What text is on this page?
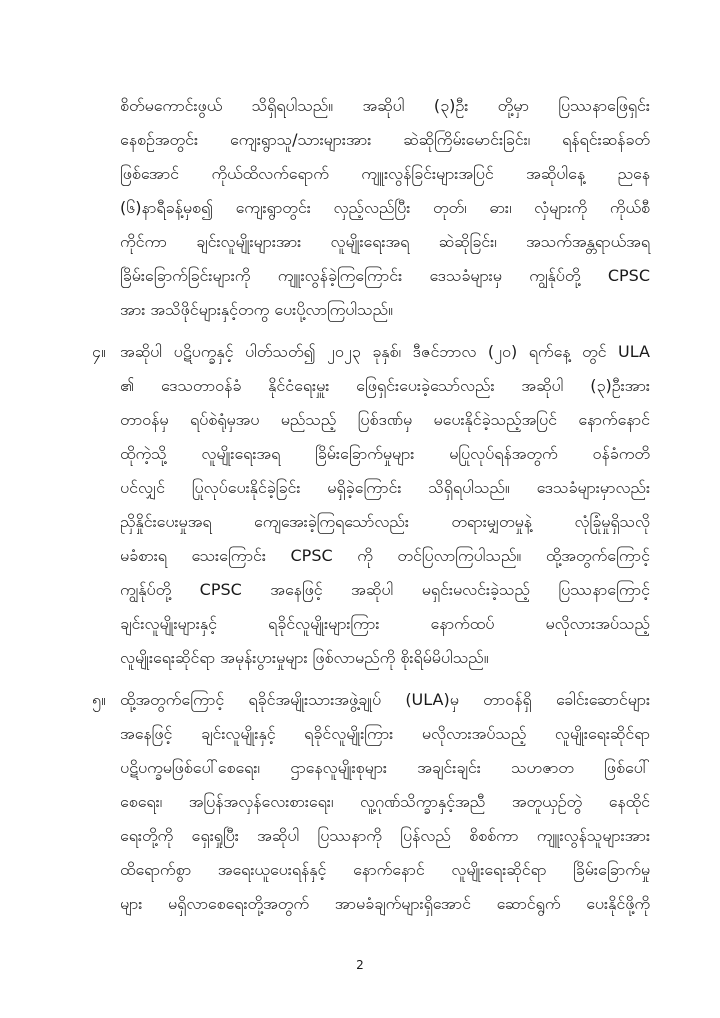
စိတ်မကောင်းဖွယ် သိရှိရပါသည်။ အဆိုပါ (၃)ဦး တို့မှာ ပြဿနာဖြေရှင်း
နေစဉ်အတွင်း ကျေးရွာသူ/သားများအား ဆဲဆိုကြိမ်းမောင်းခြင်း၊ ရန်ရင်းဆန်ခတ်
ဖြစ်အောင် ကိုယ်ထိလက်ရောက် ကျူးလွန်ခြင်းများအပြင် အဆိုပါနေ့ ညနေ
(၆)နာရီခန့်မှစ၍ ကျေးရွာတွင်း လှည့်လည်ပြီး တုတ်၊ ဓား၊ လှံများကို ကိုယ်စီ
ကိုင်ကာ ချင်းလူမျိုးများအား လူမျိုးရေးအရ ဆဲဆိုခြင်း၊ အသက်အန္တရာယ်အရ
ခြိမ်းခြောက်ခြင်းများကို ကျူးလွန်ခဲ့ကြကြောင်း ဒေသခံများမှ ကျွန်ုပ်တို့ CPSC
အား အသိဖိုင်များနှင့်တကွ ပေးပို့လာကြပါသည်။
၄။ အဆိုပါ ပဋိပက္ခနှင့် ပါတ်သတ်၍ ၂၀၂၃ ခုနှစ်၊ ဒီဇင်ဘာလ (၂၀) ရက်နေ့ တွင် ULA
၏ ဒေသတာဝန်ခံ နိုင်ငံရေးမှူး ဖြေရှင်းပေးခဲ့သော်လည်း အဆိုပါ (၃)ဦးအား
တာဝန်မှ ရပ်စဲရုံမှအပ မည်သည့် ပြစ်ဒဏ်မှ မပေးနိုင်ခဲ့သည့်အပြင် နောက်နောင်
ထိုကဲ့သို့ လူမျိုးရေးအရ ခြိမ်းခြောက်မှုများ မပြုလုပ်ရန်အတွက် ဝန်ခံကတိ
ပင်လျှင် ပြုလုပ်ပေးနိုင်ခဲ့ခြင်း မရှိခဲ့ကြောင်း သိရှိရပါသည်။ ဒေသခံများမှာလည်း
ညှိနှိုင်းပေးမှုအရ ကျေအေးခဲ့ကြရသော်လည်း တရားမျှတမှုနဲ့ လုံခြုံမှုရှိသလို
မခံစားရ သေးကြောင်း CPSC ကို တင်ပြလာကြပါသည်။ ထို့အတွက်ကြောင့်
ကျွန်ုပ်တို့ CPSC အနေဖြင့် အဆိုပါ မရှင်းမလင်းခဲ့သည့် ပြဿနာကြောင့်
ချင်းလူမျိုးများနှင့် ရခိုင်လူမျိုးများကြား နောက်ထပ် မလိုလားအပ်သည့်
လူမျိုးရေးဆိုင်ရာ အမုန်းပွားမှုများ ဖြစ်လာမည်ကို စိုးရိမ်မိပါသည်။
၅။ ထို့အတွက်ကြောင့် ရခိုင်အမျိုးသားအဖွဲ့ချုပ် (ULA)မှ တာဝန်ရှိ ခေါင်းဆောင်များ
အနေဖြင့် ချင်းလူမျိုးနှင့် ရခိုင်လူမျိုးကြား မလိုလားအပ်သည့် လူမျိုးရေးဆိုင်ရာ
ပဋိပက္ခမဖြစ်ပေါ်စေရေး၊ ဌာနေလူမျိုးစုများ အချင်းချင်း သဟဇာတ ဖြစ်ပေါ်
စေရေး၊ အပြန်အလှန်လေးစားရေး၊ လူ့ဂုဏ်သိက္ခာနှင့်အညီ အတူယှဉ်တွဲ နေထိုင်
ရေးတို့ကို ရှေးရှုပြီး အဆိုပါ ပြဿနာကို ပြန်လည် စိစစ်ကာ ကျူးလွန်သူများအား
ထိရောက်စွာ အရေးယူပေးရန်နှင့် နောက်နောင် လူမျိုးရေးဆိုင်ရာ ခြိမ်းခြောက်မှု
များ မရှိလာစေရေးတို့အတွက် အာမခံချက်များရှိအောင် ဆောင်ရွက် ပေးနိုင်ဖို့ကို
2
